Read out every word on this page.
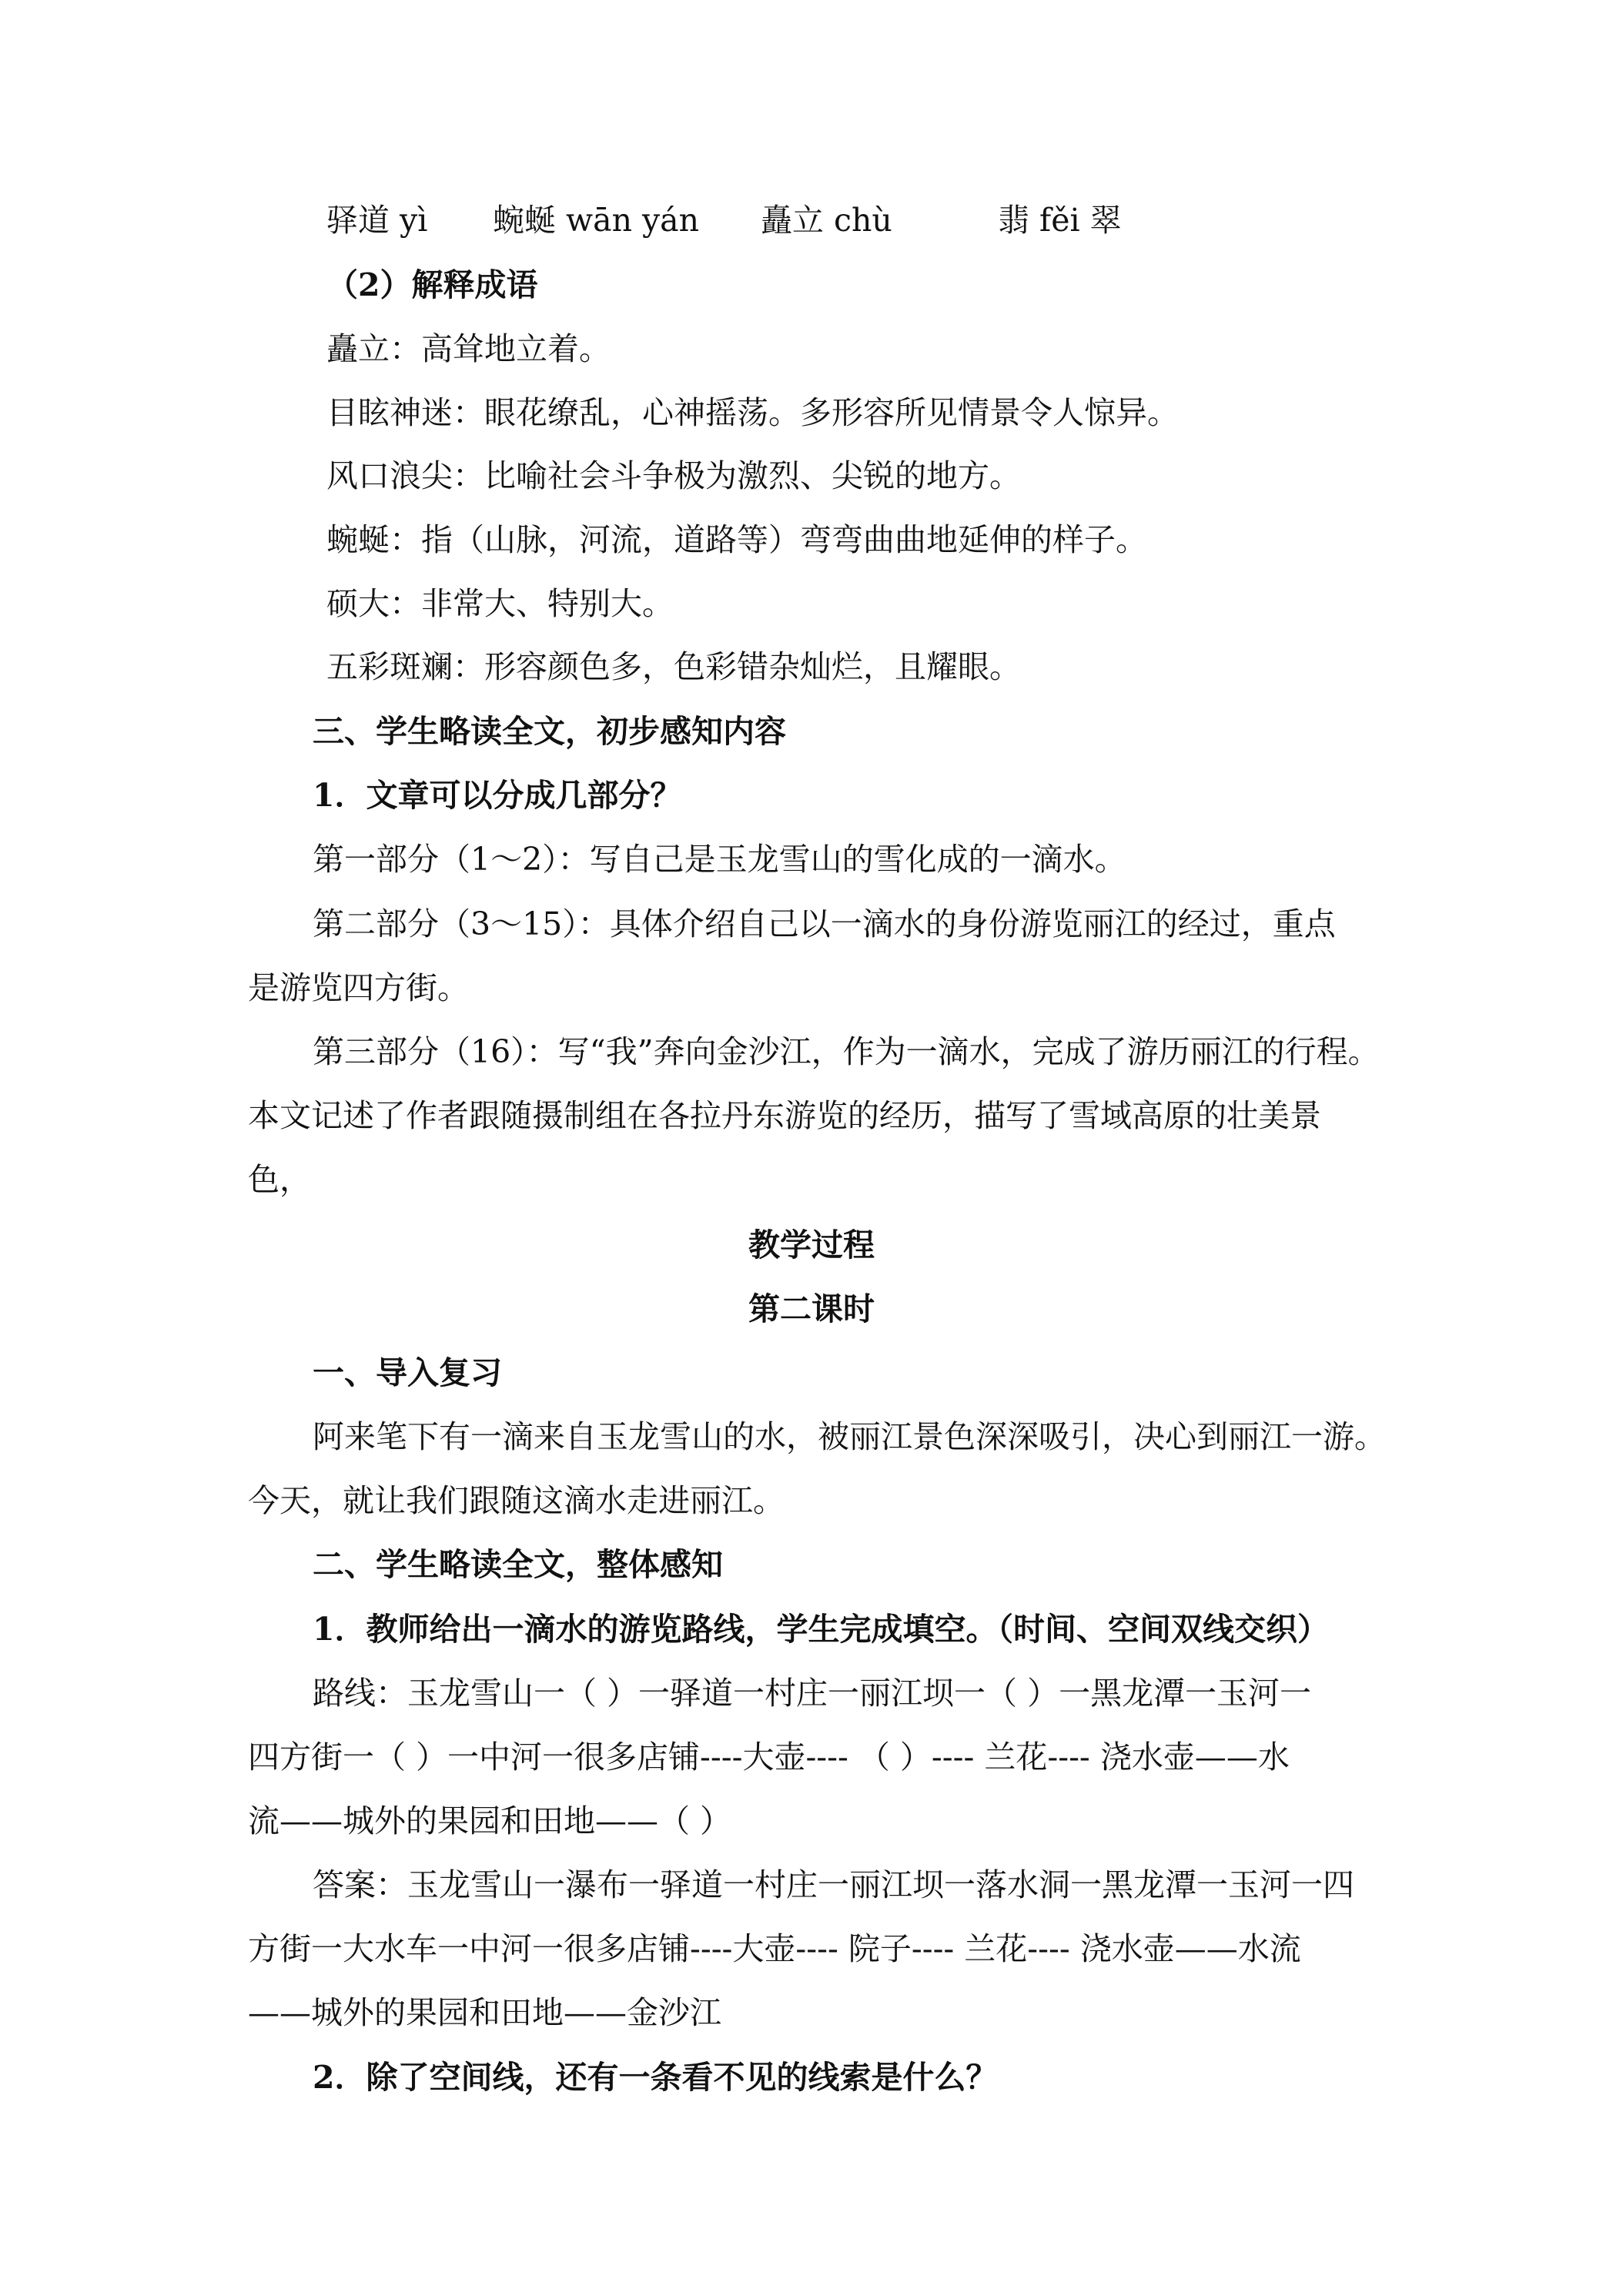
驿道 yì 蜿蜒 wān yán 矗立 chù	翡 fěi 翠
（2）解释成语
矗立：高耸地立着。
目眩神迷：眼花缭乱，心神摇荡。多形容所见情景令人惊异。
风口浪尖：比喻社会斗争极为激烈、尖锐的地方。
蜿蜒：指（山脉，河流，道路等）弯弯曲曲地延伸的样子。
硕大：非常大、特别大。
五彩斑斓：形容颜色多，色彩错杂灿烂，且耀眼。
三、学生略读全文，初步感知内容
1．文章可以分成几部分？
第一部分（1～2）：写自己是玉龙雪山的雪化成的一滴水。
第二部分（3～15）：具体介绍自己以一滴水的身份游览丽江的经过，重点
是游览四方街。
第三部分（16）：写“我”奔向金沙江，作为一滴水，完成了游历丽江的行程。
本文记述了作者跟随摄制组在各拉丹东游览的经历，描写了雪域高原的壮美景
色，
教学过程
第二课时
一、导入复习
阿来笔下有一滴来自玉龙雪山的水，被丽江景色深深吸引，决心到丽江一游。
今天，就让我们跟随这滴水走进丽江。
二、学生略读全文，整体感知
1．教师给出一滴水的游览路线，学生完成填空。（时间、空间双线交织）
路线：玉龙雪山一（ ）一驿道一村庄一丽江坝一（ ）一黑龙潭一玉河一
四方街一（ ）一中河一很多店铺----大壶---- （ ）---- 兰花---- 浇水壶——水
流——城外的果园和田地——（ ）
答案：玉龙雪山一瀑布一驿道一村庄一丽江坝一落水洞一黑龙潭一玉河一四
方街一大水车一中河一很多店铺----大壶---- 院子---- 兰花---- 浇水壶——水流
——城外的果园和田地——金沙江
2．除了空间线，还有一条看不见的线索是什么？
